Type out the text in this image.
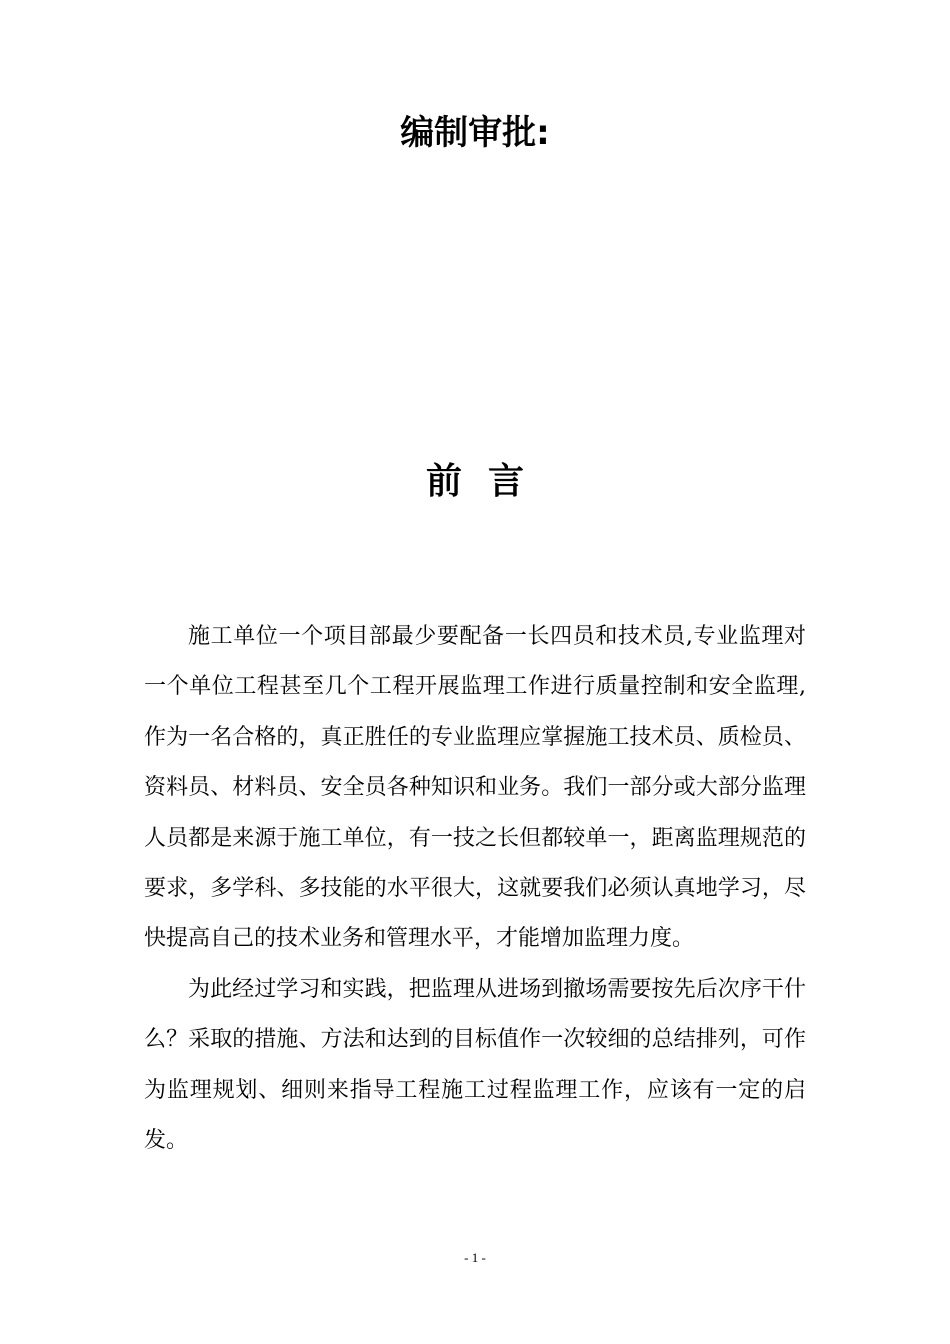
编制审批:
前言

施工单位一个项目部最少要配备一长四员和技术员,专业监理对一个单位工程甚至几个工程开展监理工作进行质量控制和安全监理,作为一名合格的，真正胜任的专业监理应掌握施工技术员、质检员、资料员、材料员、安全员各种知识和业务。我们一部分或大部分监理人员都是来源于施工单位，有一技之长但都较单一，距离监理规范的要求，多学科、多技能的水平很大，这就要我们必须认真地学习，尽快提高自己的技术业务和管理水平，才能增加监理力度。

为此经过学习和实践，把监理从进场到撤场需要按先后次序干什么？采取的措施、方法和达到的目标值作一次较细的总结排列，可作为监理规划、细则来指导工程施工过程监理工作，应该有一定的启发。

- 1 -
